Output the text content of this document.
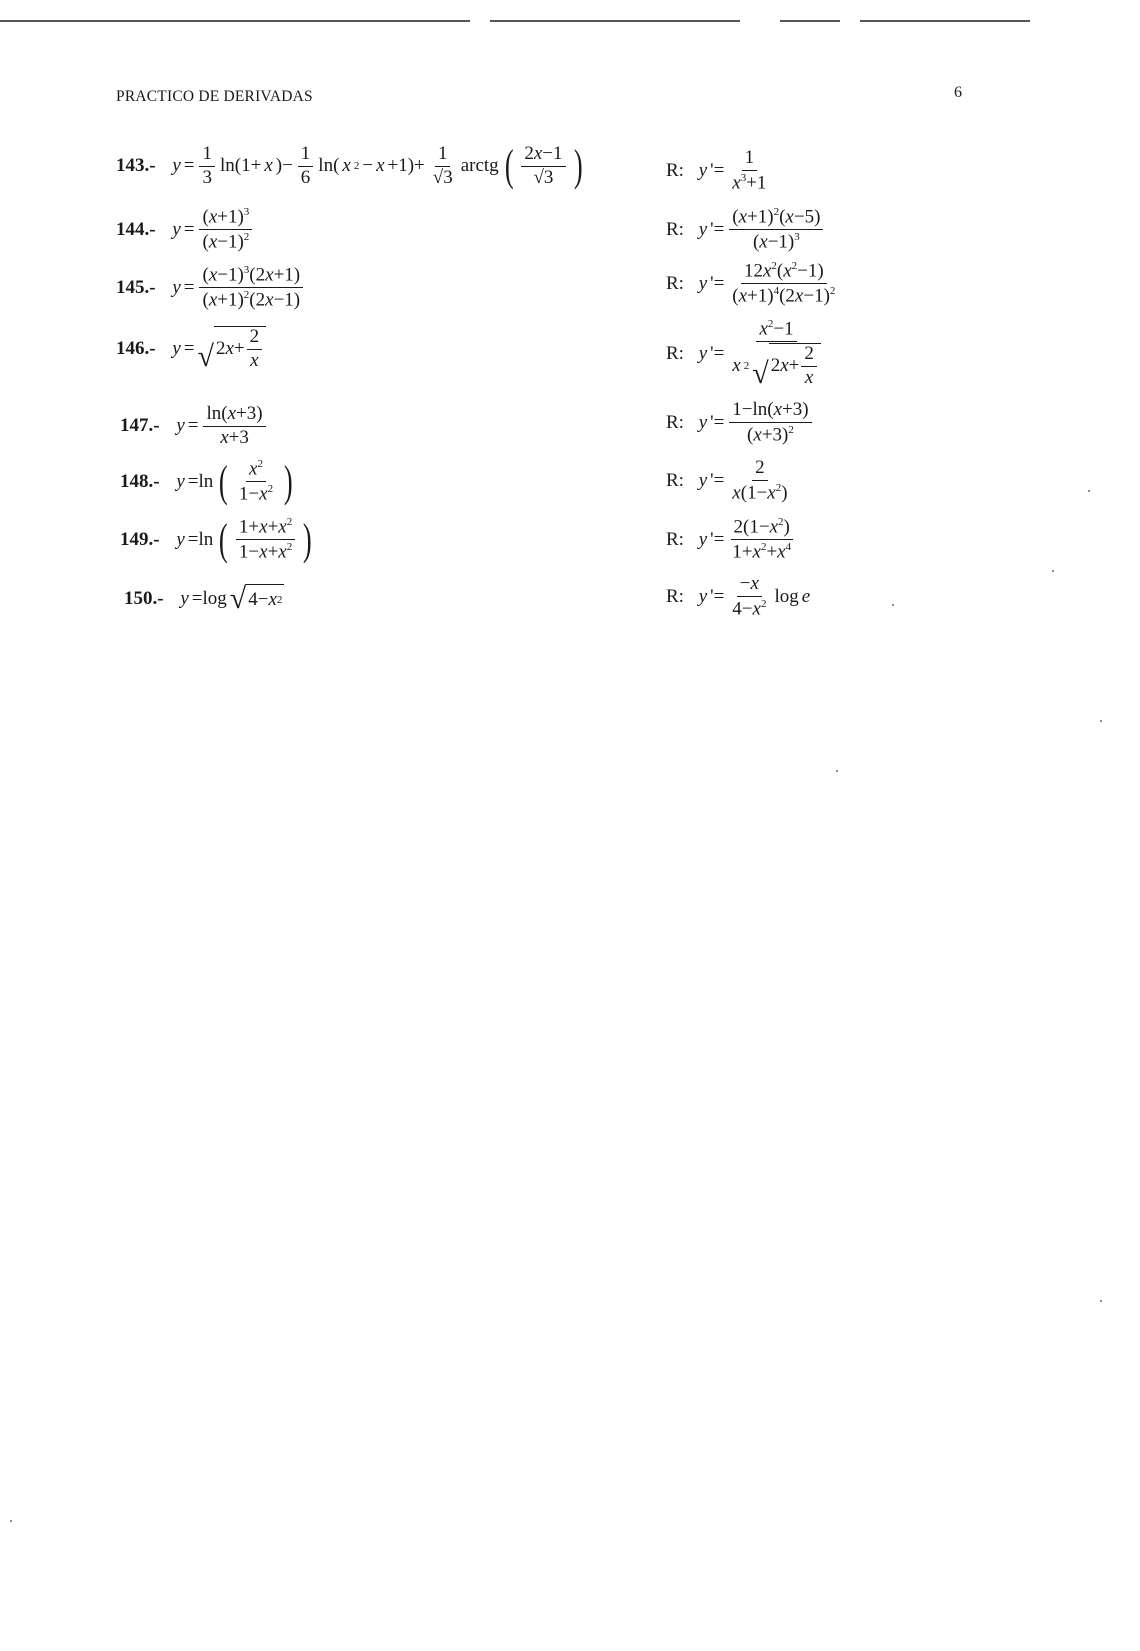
PRACTICO DE DERIVADAS	6
143.- y =
1
3
ln(1+ x )−
1
6
ln( x 2 − x +1)+
1
√3
arctg ( 2x−1
√3 )	R: y '=
1
$x^3+1$
144.- y =
$(x+1)^3$
$(x-1)^2$	R: y '=
$(x+1)^2(x-5)$
$(x-1)^3$
145.- y =
$(x-1)^3(2x+1)$
$(x+1)^2(2x-1)$
R: y '=
$12x^2(x^2-1)$
$(x+1)^4(2x-1)^2$
146.- y = √ 2 x +
2
x	R: y '=
$x^2-1$
x 2 √ 2 x +
2
x
147.- y =
ln(x+3)
x+3
R: y '=
1−ln(x+3)
$(x+3)^2$
148.- y =ln ( $x^2$
$1-x^2$ )	R: y '=
2
$x(1-x^2)$
149.- y =ln ( $1+x+x^2$
$1-x+x^2$ )	R: y '=
$2(1-x^2)$
$1+x^2+x^4$
150.- y =log √ 4− x 2	R: y '=
−x
$4-x^2$ log e
